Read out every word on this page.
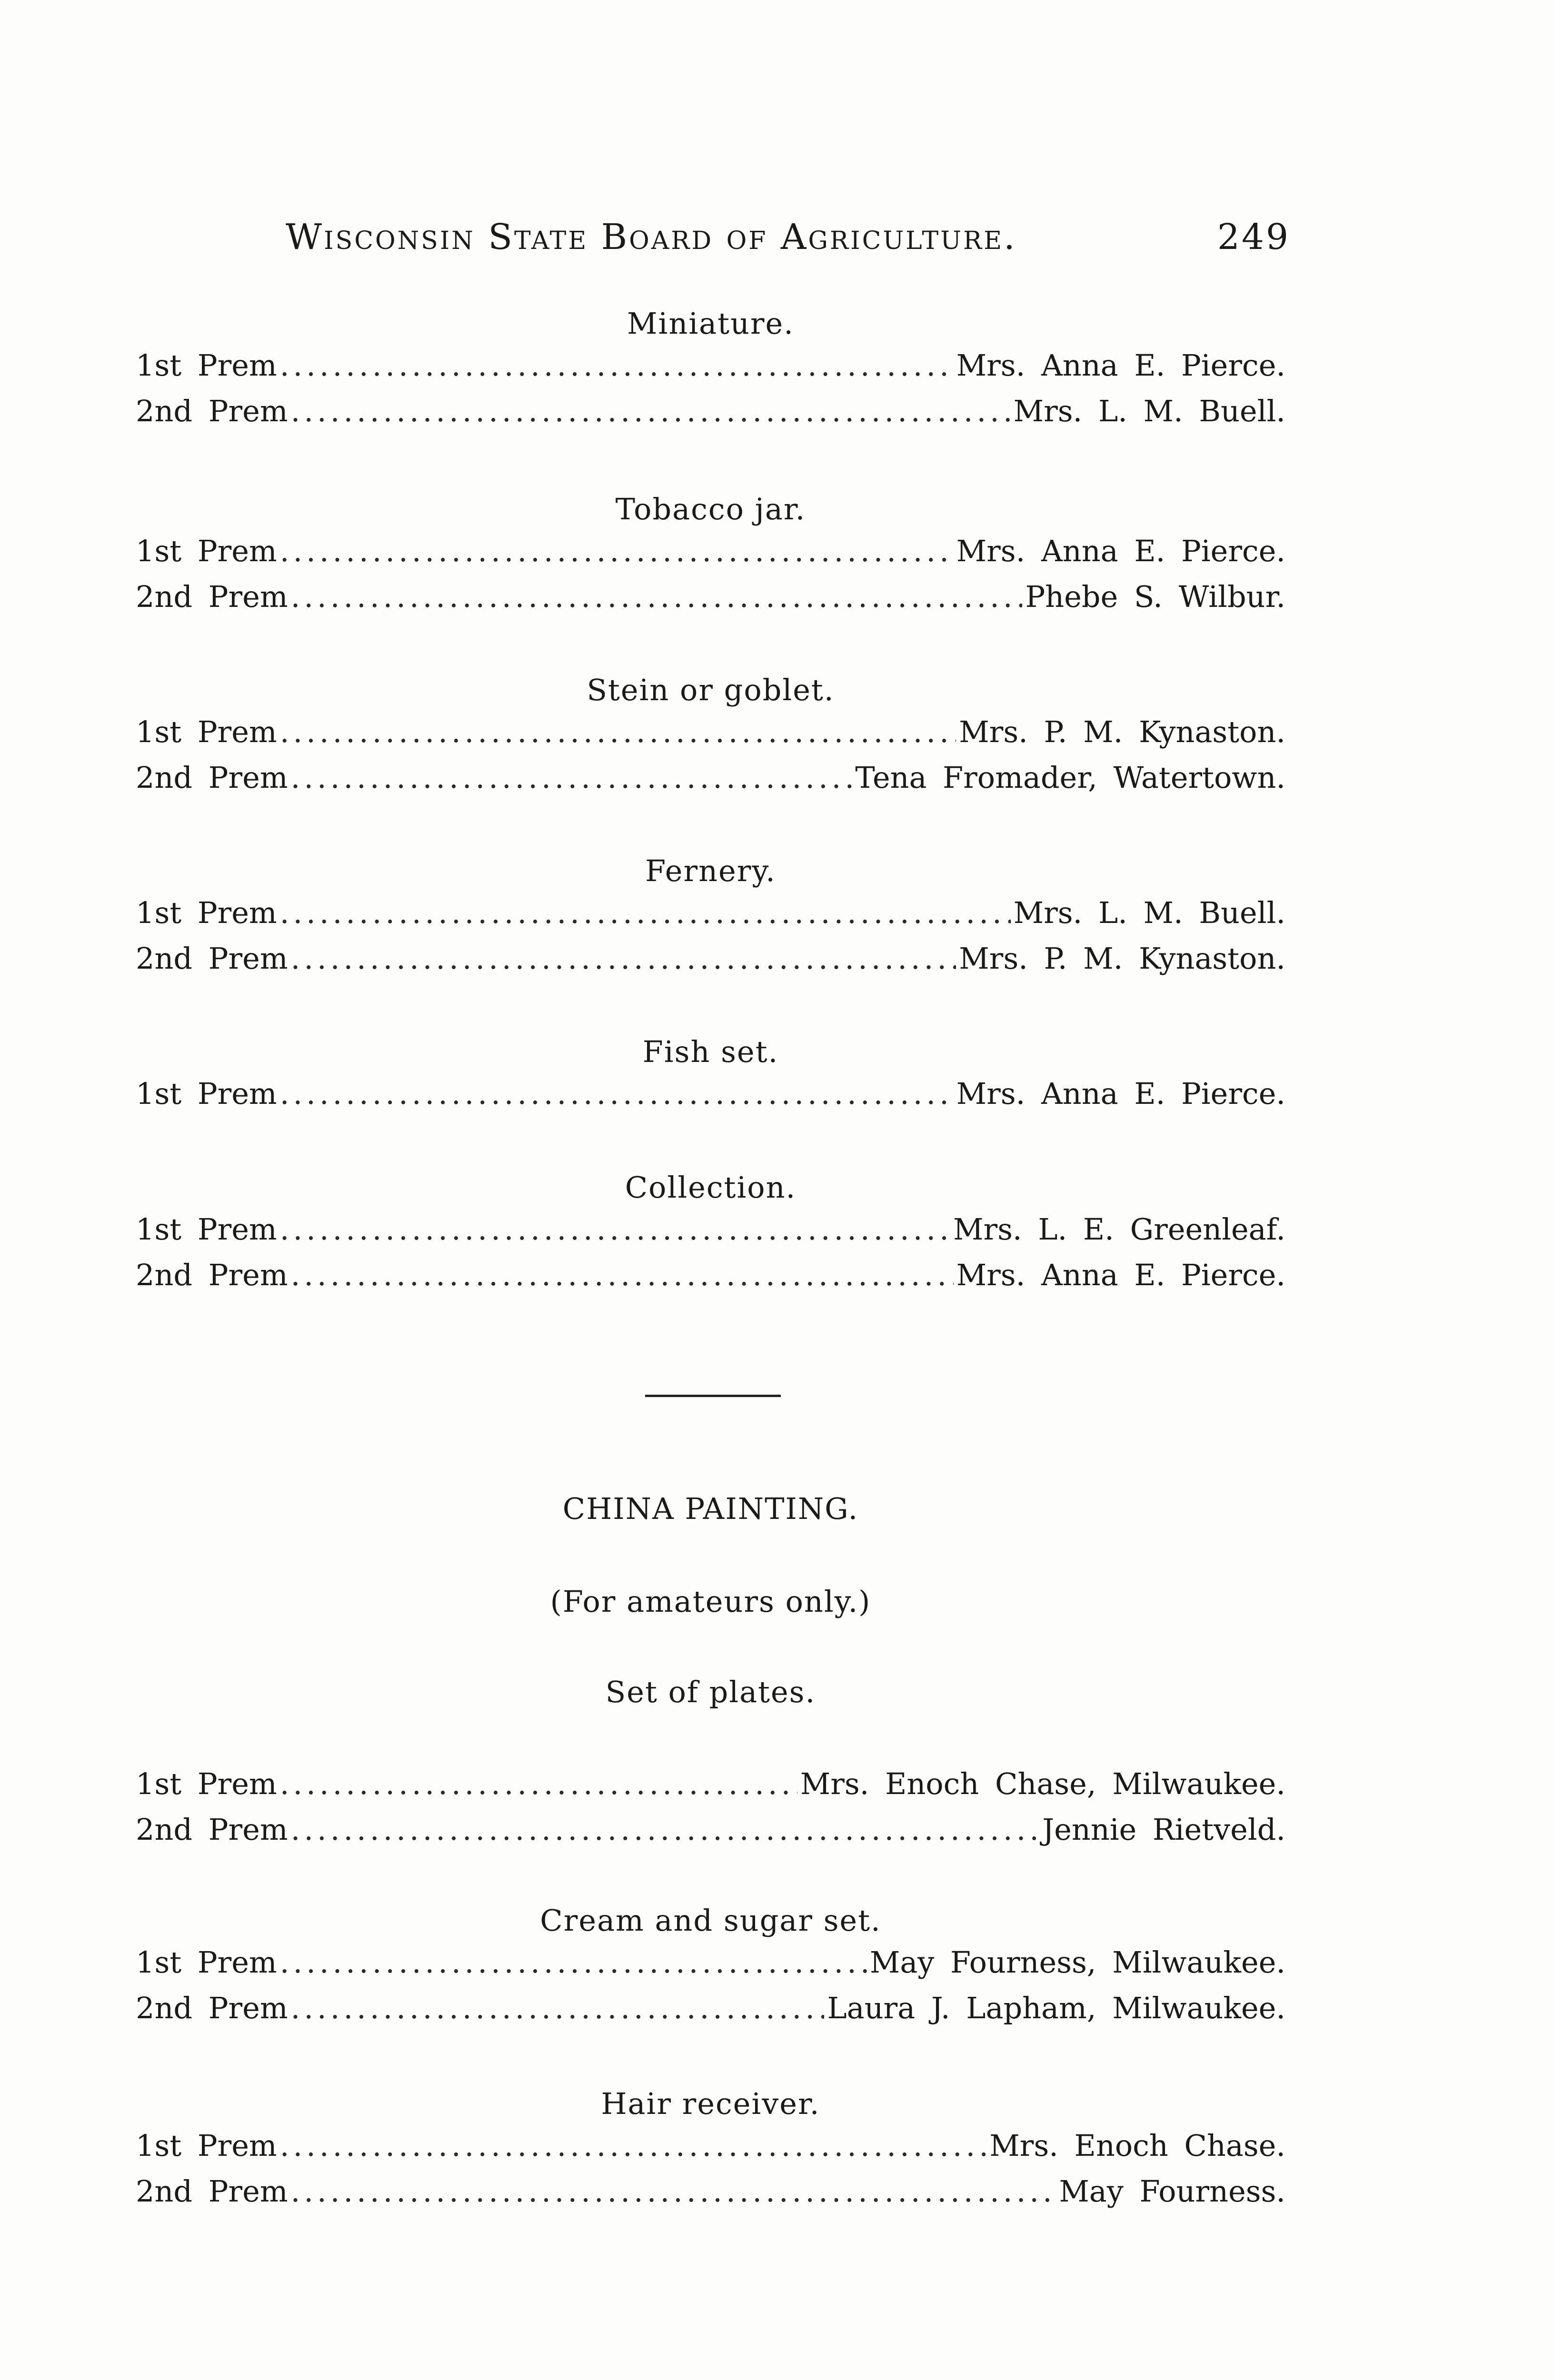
Wisconsin State Board of Agriculture.	249
Miniature.
1st Prem .....	Mrs. Anna E. Pierce.
2nd Prem .....	Mrs. L. M. Buell.
Tobacco jar.
1st Prem .....	Mrs. Anna E. Pierce.
2nd Prem .....	Phebe S. Wilbur.
Stein or goblet.
1st Prem .....	Mrs. P. M. Kynaston.
2nd Prem .....	Tena Fromader, Watertown.
Fernery.
1st Prem .....	Mrs. L. M. Buell.
2nd Prem .....	Mrs. P. M. Kynaston.
Fish set.
1st Prem .....	Mrs. Anna E. Pierce.
Collection.
1st Prem .....	Mrs. L. E. Greenleaf.
2nd Prem .....	Mrs. Anna E. Pierce.
CHINA PAINTING.
(For amateurs only.)
Set of plates.
1st Prem .....	Mrs. Enoch Chase, Milwaukee.
2nd Prem .....	Jennie Rietveld.
Cream and sugar set.
1st Prem .....	May Fourness, Milwaukee.
2nd Prem .....	Laura J. Lapham, Milwaukee.
Hair receiver.
1st Prem .....	Mrs. Enoch Chase.
2nd Prem .....	May Fourness.
